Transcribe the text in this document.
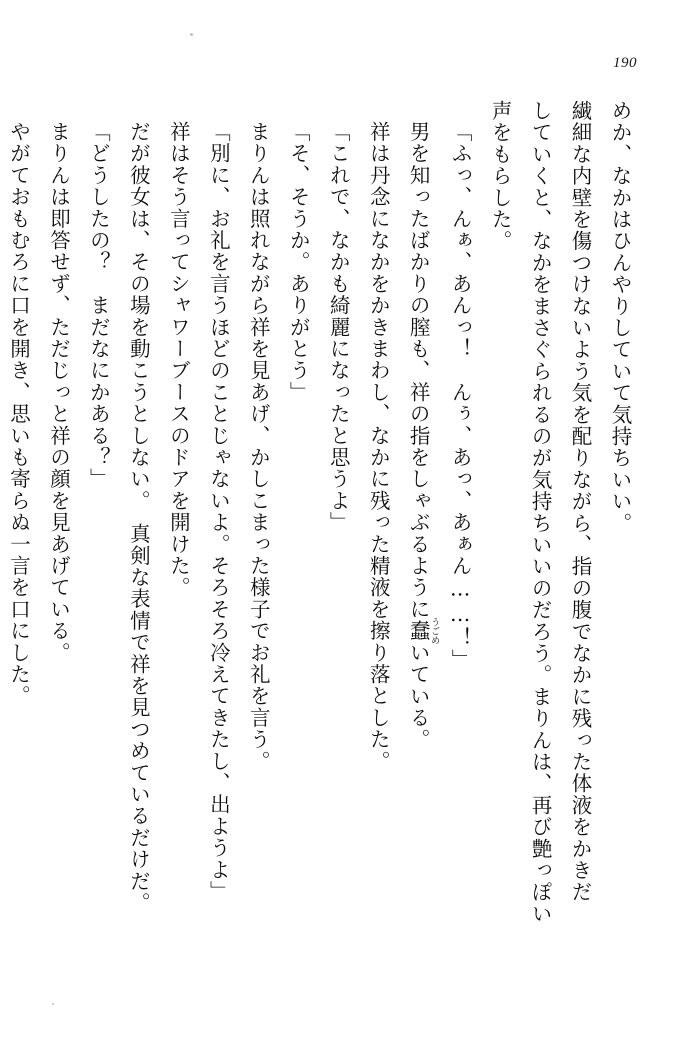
190

めか、なかはひんやりしていて気持ちいい。

繊細な内壁を傷つけないよう気を配りながら、指の腹でなかに残った体液をかきだ

していくと、なかをまさぐられるのが気持ちいいのだろう。まりんは、再び艶っぽい

声をもらした。

「ふっ、んぁ、あんっ！　んぅ、あっ、あぁん……！」

男を知ったばかりの膣も、祥の指をしゃぶるように蠢 うごめいている。

祥は丹念になかをかきまわし、なかに残った精液を擦り落とした。

「これで、なかも綺麗になったと思うよ」

「そ、そうか。ありがとう」

まりんは照れながら祥を見あげ、かしこまった様子でお礼を言う。

「別に、お礼を言うほどのことじゃないよ。そろそろ冷えてきたし、出ようよ」

祥はそう言ってシャワーブースのドアを開けた。

だが彼女は、その場を動こうとしない。　真剣な表情で祥を見つめているだけだ。

「どうしたの？　まだなにかある？」

まりんは即答せず、ただじっと祥の顔を見あげている。

やがておもむろに口を開き、思いも寄らぬ一言を口にした。
